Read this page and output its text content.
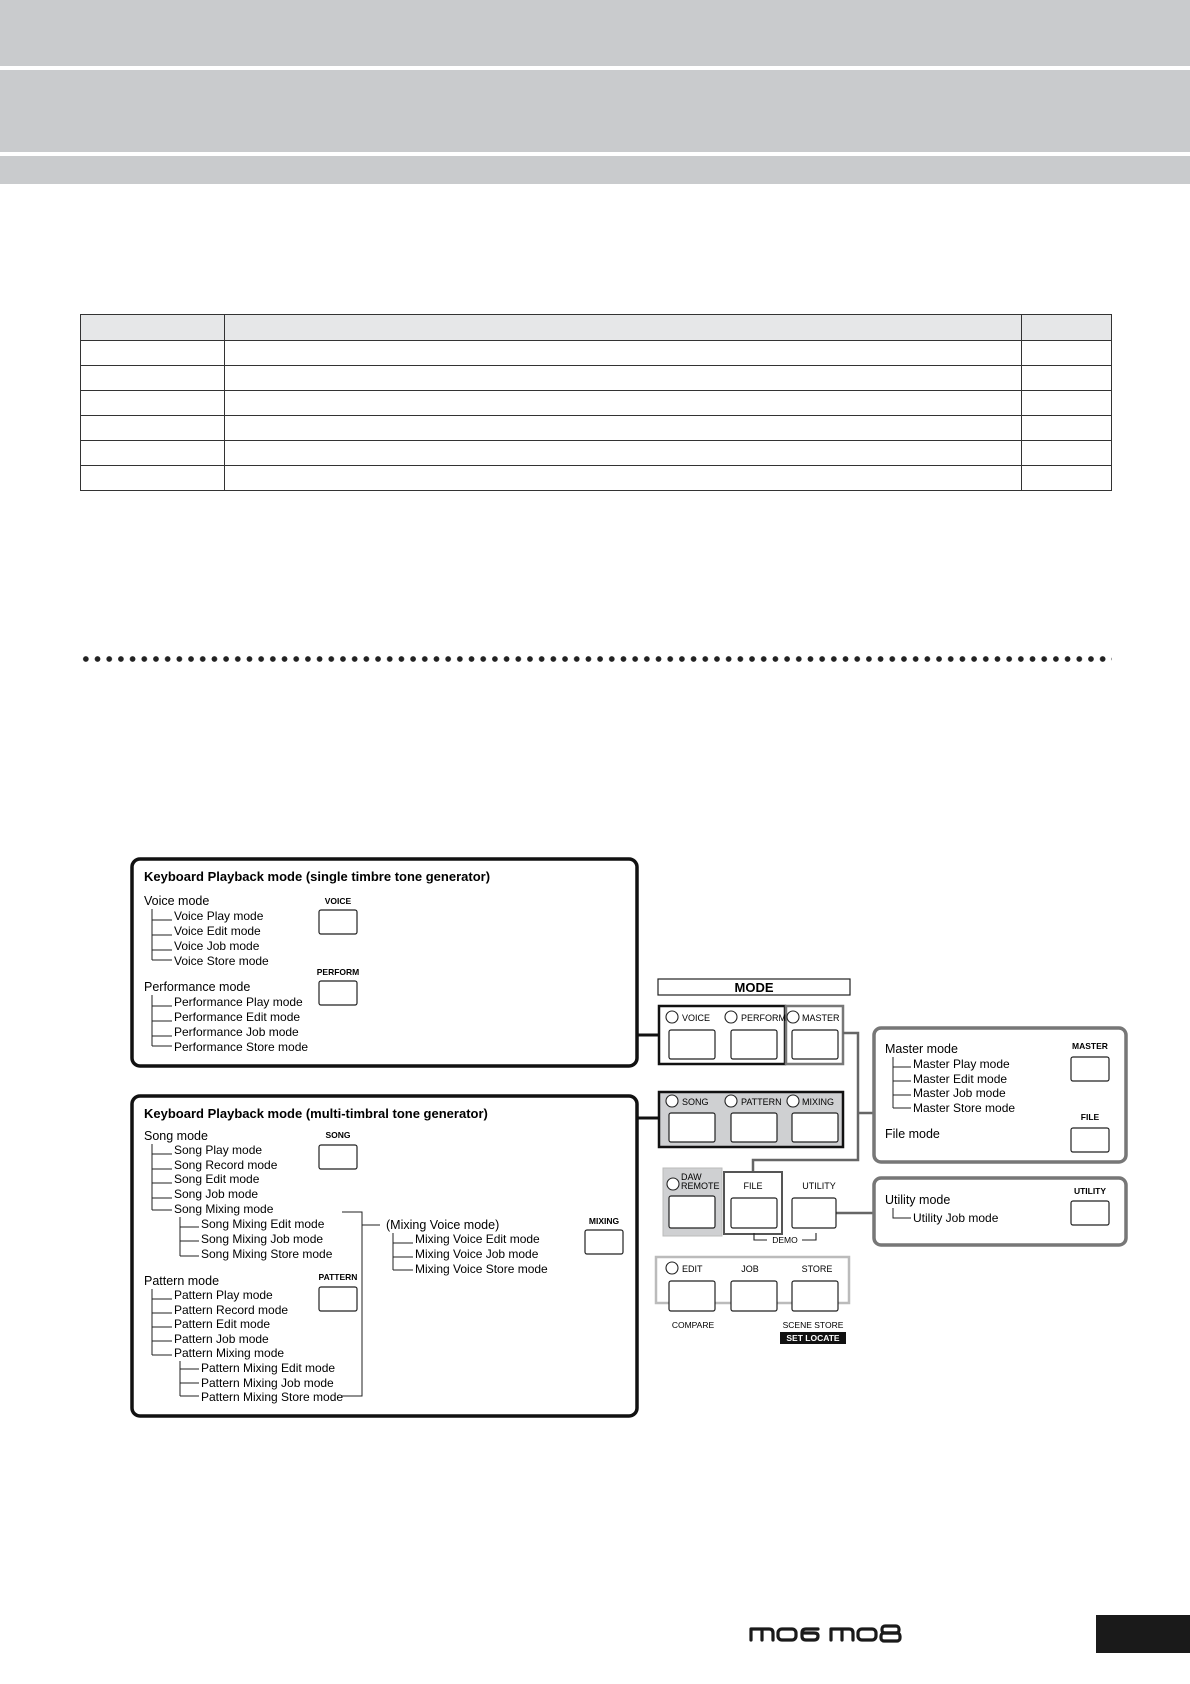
Keyboard Playback mode (single timbre tone generator)
Voice mode
Voice Play mode
Voice Edit mode
Voice Job mode
Voice Store mode
VOICE
Performance mode
Performance Play mode
Performance Edit mode
Performance Job mode
Performance Store mode
PERFORM
Keyboard Playback mode (multi-timbral tone generator)
Song mode
Song Play mode
Song Record mode
Song Edit mode
Song Job mode
Song Mixing mode
Song Mixing Edit mode
Song Mixing Job mode
Song Mixing Store mode
SONG
(Mixing Voice mode)
Mixing Voice Edit mode
Mixing Voice Job mode
Mixing Voice Store mode
MIXING
Pattern mode
Pattern Play mode
Pattern Record mode
Pattern Edit mode
Pattern Job mode
Pattern Mixing mode
Pattern Mixing Edit mode
Pattern Mixing Job mode
Pattern Mixing Store mode
PATTERN
MODE
VOICE	PERFORM MASTER
SONG	PATTERN MIXING
DAW
REMOTE	FILE	UTILITY
DEMO
EDIT	JOB	STORE
COMPARE	SCENE STORE
SET LOCATE
Master mode
Master Play mode
Master Edit mode
Master Job mode
Master Store mode
MASTER
File mode
FILE
Utility mode
Utility Job mode
UTILITY
